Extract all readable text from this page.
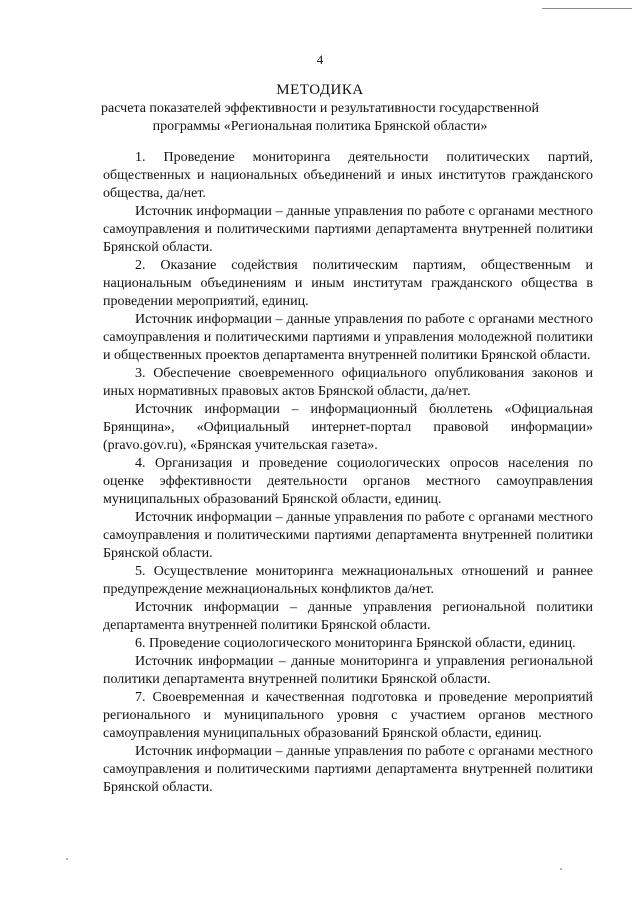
4
МЕТОДИКА
расчета показателей эффективности и результативности государственной программы «Региональная политика Брянской области»

1. Проведение мониторинга деятельности политических партий, общественных и национальных объединений и иных институтов гражданского общества, да/нет.

Источник информации – данные управления по работе с органами местного самоуправления и политическими партиями департамента внутренней политики Брянской области.

2. Оказание содействия политическим партиям, общественным и национальным объединениям и иным институтам гражданского общества в проведении мероприятий, единиц.

Источник информации – данные управления по работе с органами местного самоуправления и политическими партиями и управления молодежной политики и общественных проектов департамента внутренней политики Брянской области.

3. Обеспечение своевременного официального опубликования законов и иных нормативных правовых актов Брянской области, да/нет.

Источник информации – информационный бюллетень «Официальная Брянщина», «Официальный интернет-портал правовой информации» (pravo.gov.ru), «Брянская учительская газета».

4. Организация и проведение социологических опросов населения по оценке эффективности деятельности органов местного самоуправления муниципальных образований Брянской области, единиц.

Источник информации – данные управления по работе с органами местного самоуправления и политическими партиями департамента внутренней политики Брянской области.

5. Осуществление мониторинга межнациональных отношений и раннее предупреждение межнациональных конфликтов да/нет.

Источник информации – данные управления региональной политики департамента внутренней политики Брянской области.

6. Проведение социологического мониторинга Брянской области, единиц.

Источник информации – данные мониторинга и управления региональной политики департамента внутренней политики Брянской области.

7. Своевременная и качественная подготовка и проведение мероприятий регионального и муниципального уровня с участием органов местного самоуправления муниципальных образований Брянской области, единиц.

Источник информации – данные управления по работе с органами местного самоуправления и политическими партиями департамента внутренней политики Брянской области.
